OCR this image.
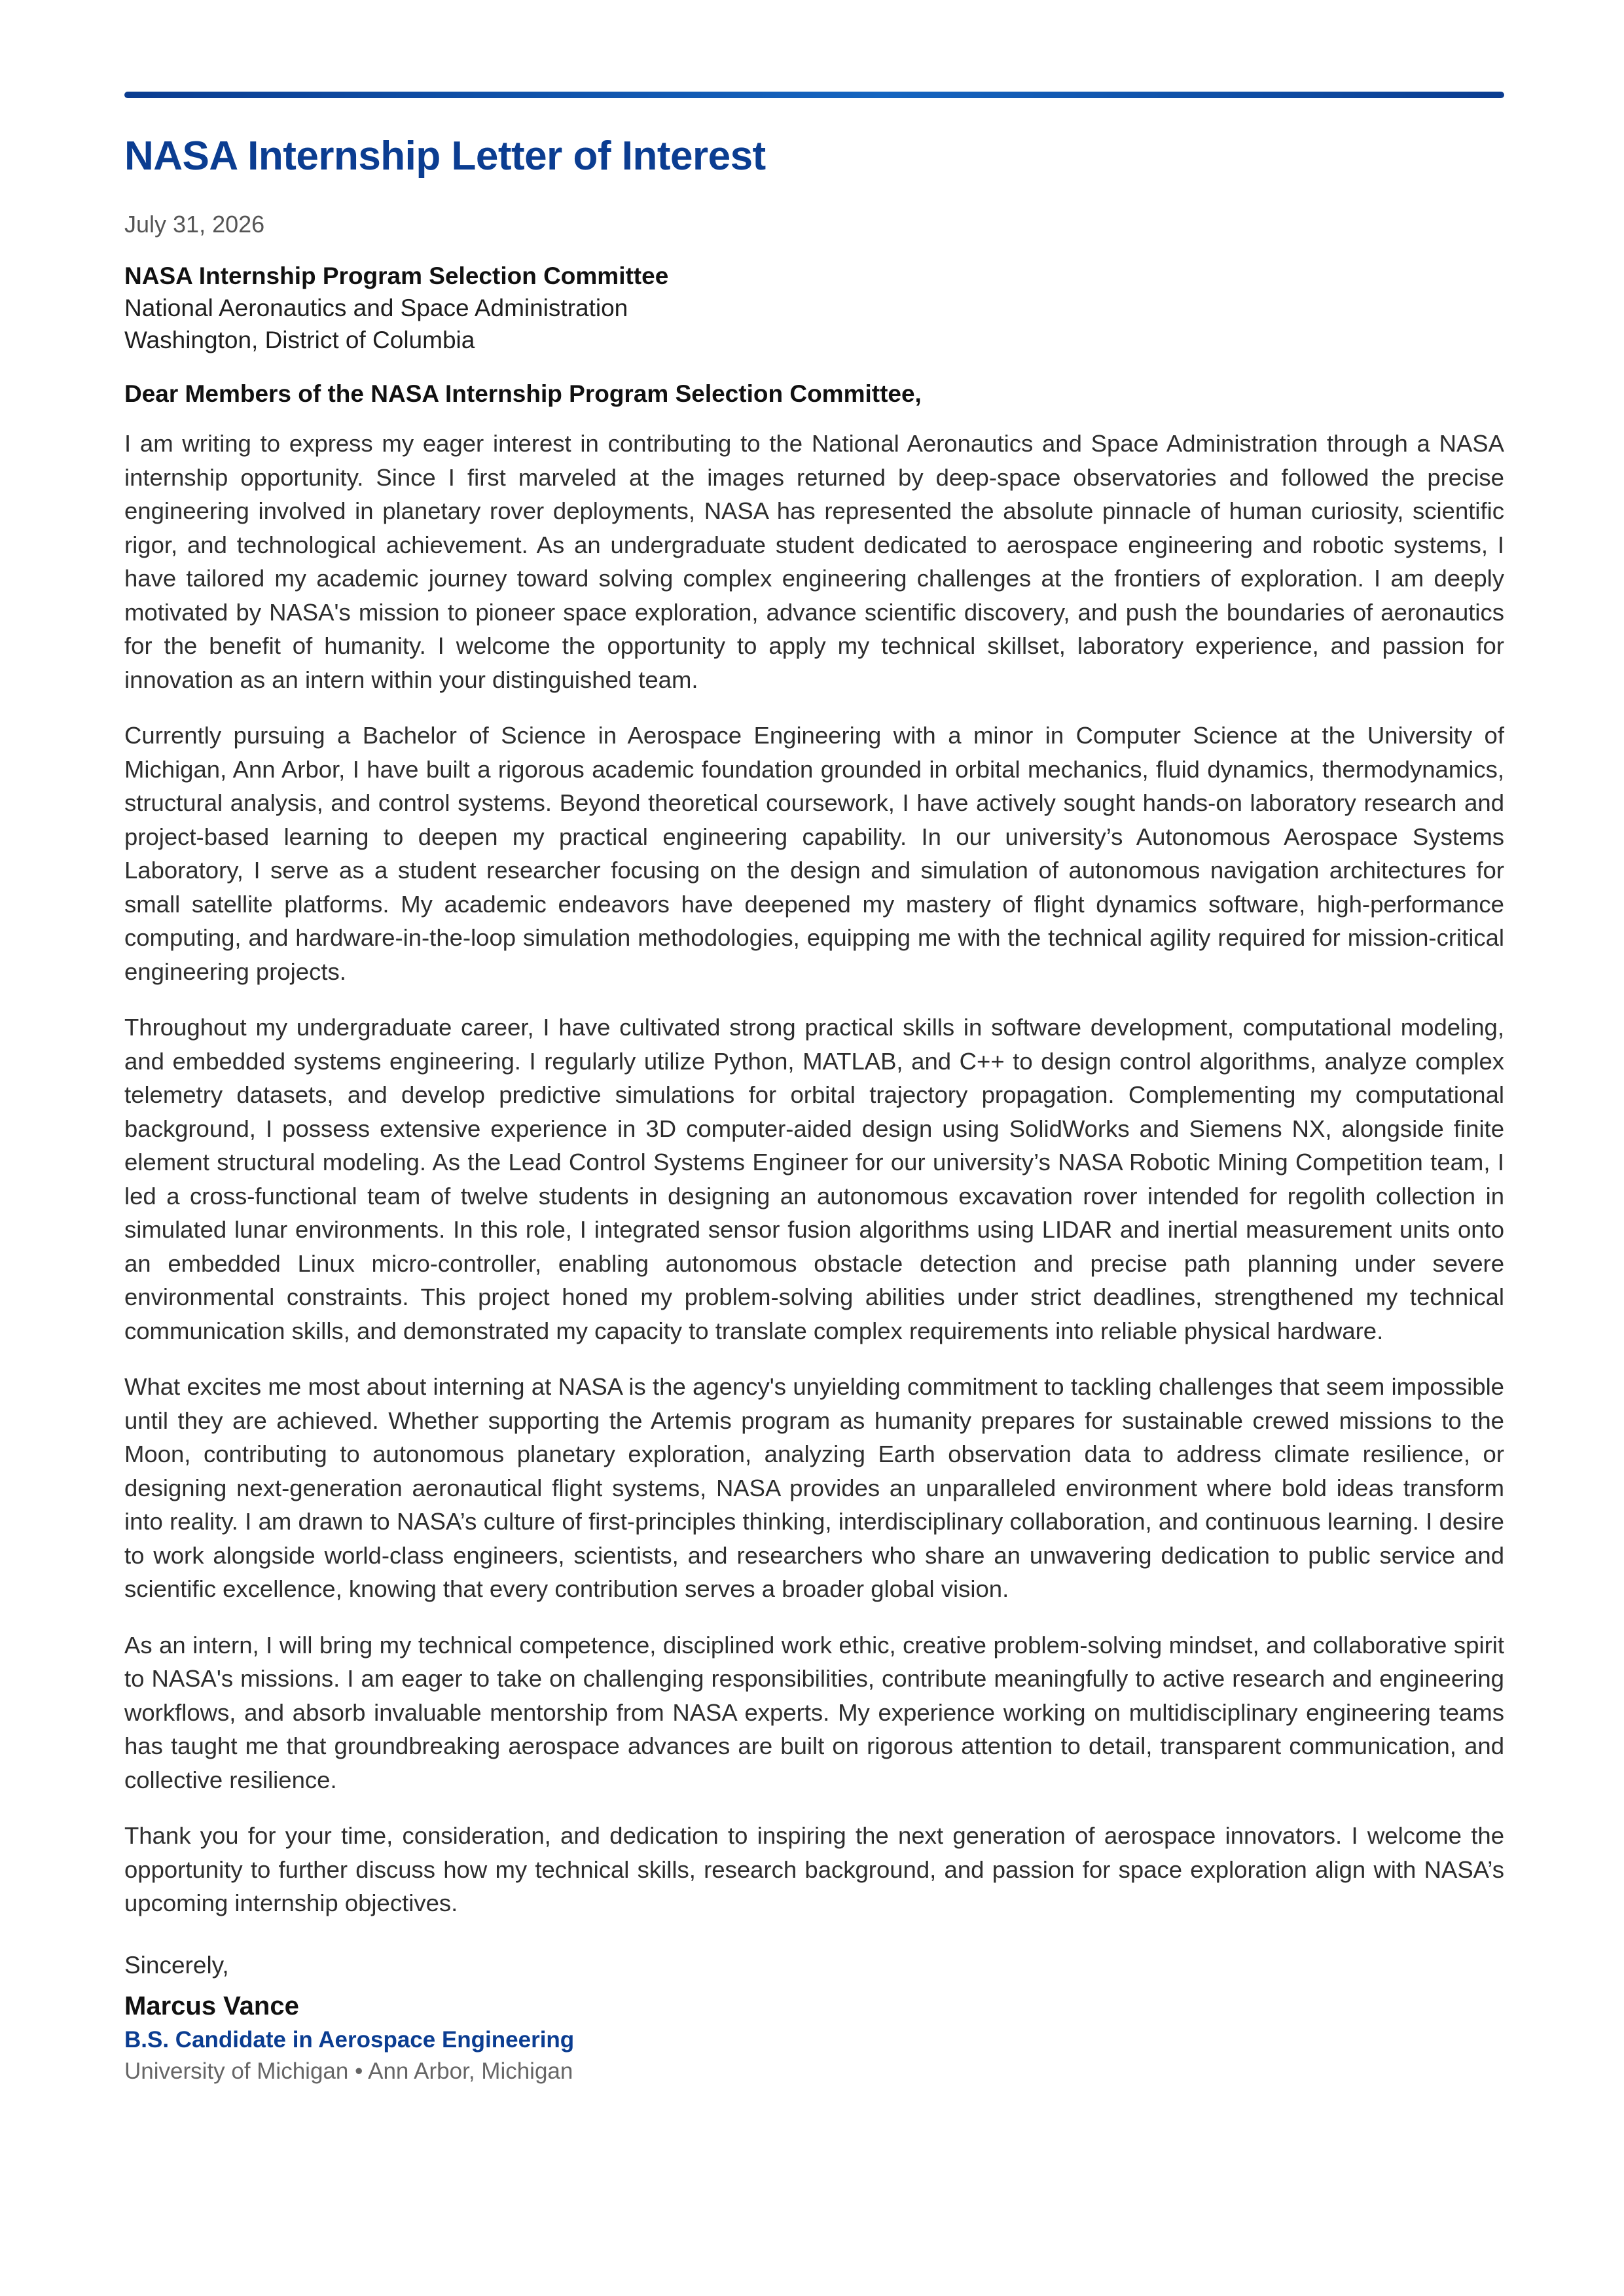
NASA Internship Letter of Interest
July 31, 2026
NASA Internship Program Selection Committee
National Aeronautics and Space Administration
Washington, District of Columbia
Dear Members of the NASA Internship Program Selection Committee,

I am writing to express my eager interest in contributing to the National Aeronautics and Space Administration through a NASA internship opportunity. Since I first marveled at the images returned by deep-space observatories and followed the precise engineering involved in planetary rover deployments, NASA has represented the absolute pinnacle of human curiosity, scientific rigor, and technological achievement. As an undergraduate student dedicated to aerospace engineering and robotic systems, I have tailored my academic journey toward solving complex engineering challenges at the frontiers of exploration. I am deeply motivated by NASA's mission to pioneer space exploration, advance scientific discovery, and push the boundaries of aeronautics for the benefit of humanity. I welcome the opportunity to apply my technical skillset, laboratory experience, and passion for innovation as an intern within your distinguished team.

Currently pursuing a Bachelor of Science in Aerospace Engineering with a minor in Computer Science at the University of Michigan, Ann Arbor, I have built a rigorous academic foundation grounded in orbital mechanics, fluid dynamics, thermodynamics, structural analysis, and control systems. Beyond theoretical coursework, I have actively sought hands-on laboratory research and project-based learning to deepen my practical engineering capability. In our university’s Autonomous Aerospace Systems Laboratory, I serve as a student researcher focusing on the design and simulation of autonomous navigation architectures for small satellite platforms. My academic endeavors have deepened my mastery of flight dynamics software, high-performance computing, and hardware-in-the-loop simulation methodologies, equipping me with the technical agility required for mission-critical engineering projects.

Throughout my undergraduate career, I have cultivated strong practical skills in software development, computational modeling, and embedded systems engineering. I regularly utilize Python, MATLAB, and C++ to design control algorithms, analyze complex telemetry datasets, and develop predictive simulations for orbital trajectory propagation. Complementing my computational background, I possess extensive experience in 3D computer-aided design using SolidWorks and Siemens NX, alongside finite element structural modeling. As the Lead Control Systems Engineer for our university’s NASA Robotic Mining Competition team, I led a cross-functional team of twelve students in designing an autonomous excavation rover intended for regolith collection in simulated lunar environments. In this role, I integrated sensor fusion algorithms using LIDAR and inertial measurement units onto an embedded Linux micro-controller, enabling autonomous obstacle detection and precise path planning under severe environmental constraints. This project honed my problem-solving abilities under strict deadlines, strengthened my technical communication skills, and demonstrated my capacity to translate complex requirements into reliable physical hardware.

What excites me most about interning at NASA is the agency's unyielding commitment to tackling challenges that seem impossible until they are achieved. Whether supporting the Artemis program as humanity prepares for sustainable crewed missions to the Moon, contributing to autonomous planetary exploration, analyzing Earth observation data to address climate resilience, or designing next-generation aeronautical flight systems, NASA provides an unparalleled environment where bold ideas transform into reality. I am drawn to NASA’s culture of first-principles thinking, interdisciplinary collaboration, and continuous learning. I desire to work alongside world-class engineers, scientists, and researchers who share an unwavering dedication to public service and scientific excellence, knowing that every contribution serves a broader global vision.

As an intern, I will bring my technical competence, disciplined work ethic, creative problem-solving mindset, and collaborative spirit to NASA's missions. I am eager to take on challenging responsibilities, contribute meaningfully to active research and engineering workflows, and absorb invaluable mentorship from NASA experts. My experience working on multidisciplinary engineering teams has taught me that groundbreaking aerospace advances are built on rigorous attention to detail, transparent communication, and collective resilience.

Thank you for your time, consideration, and dedication to inspiring the next generation of aerospace innovators. I welcome the opportunity to further discuss how my technical skills, research background, and passion for space exploration align with NASA’s upcoming internship objectives.

Sincerely,
Marcus Vance
B.S. Candidate in Aerospace Engineering
University of Michigan • Ann Arbor, Michigan
